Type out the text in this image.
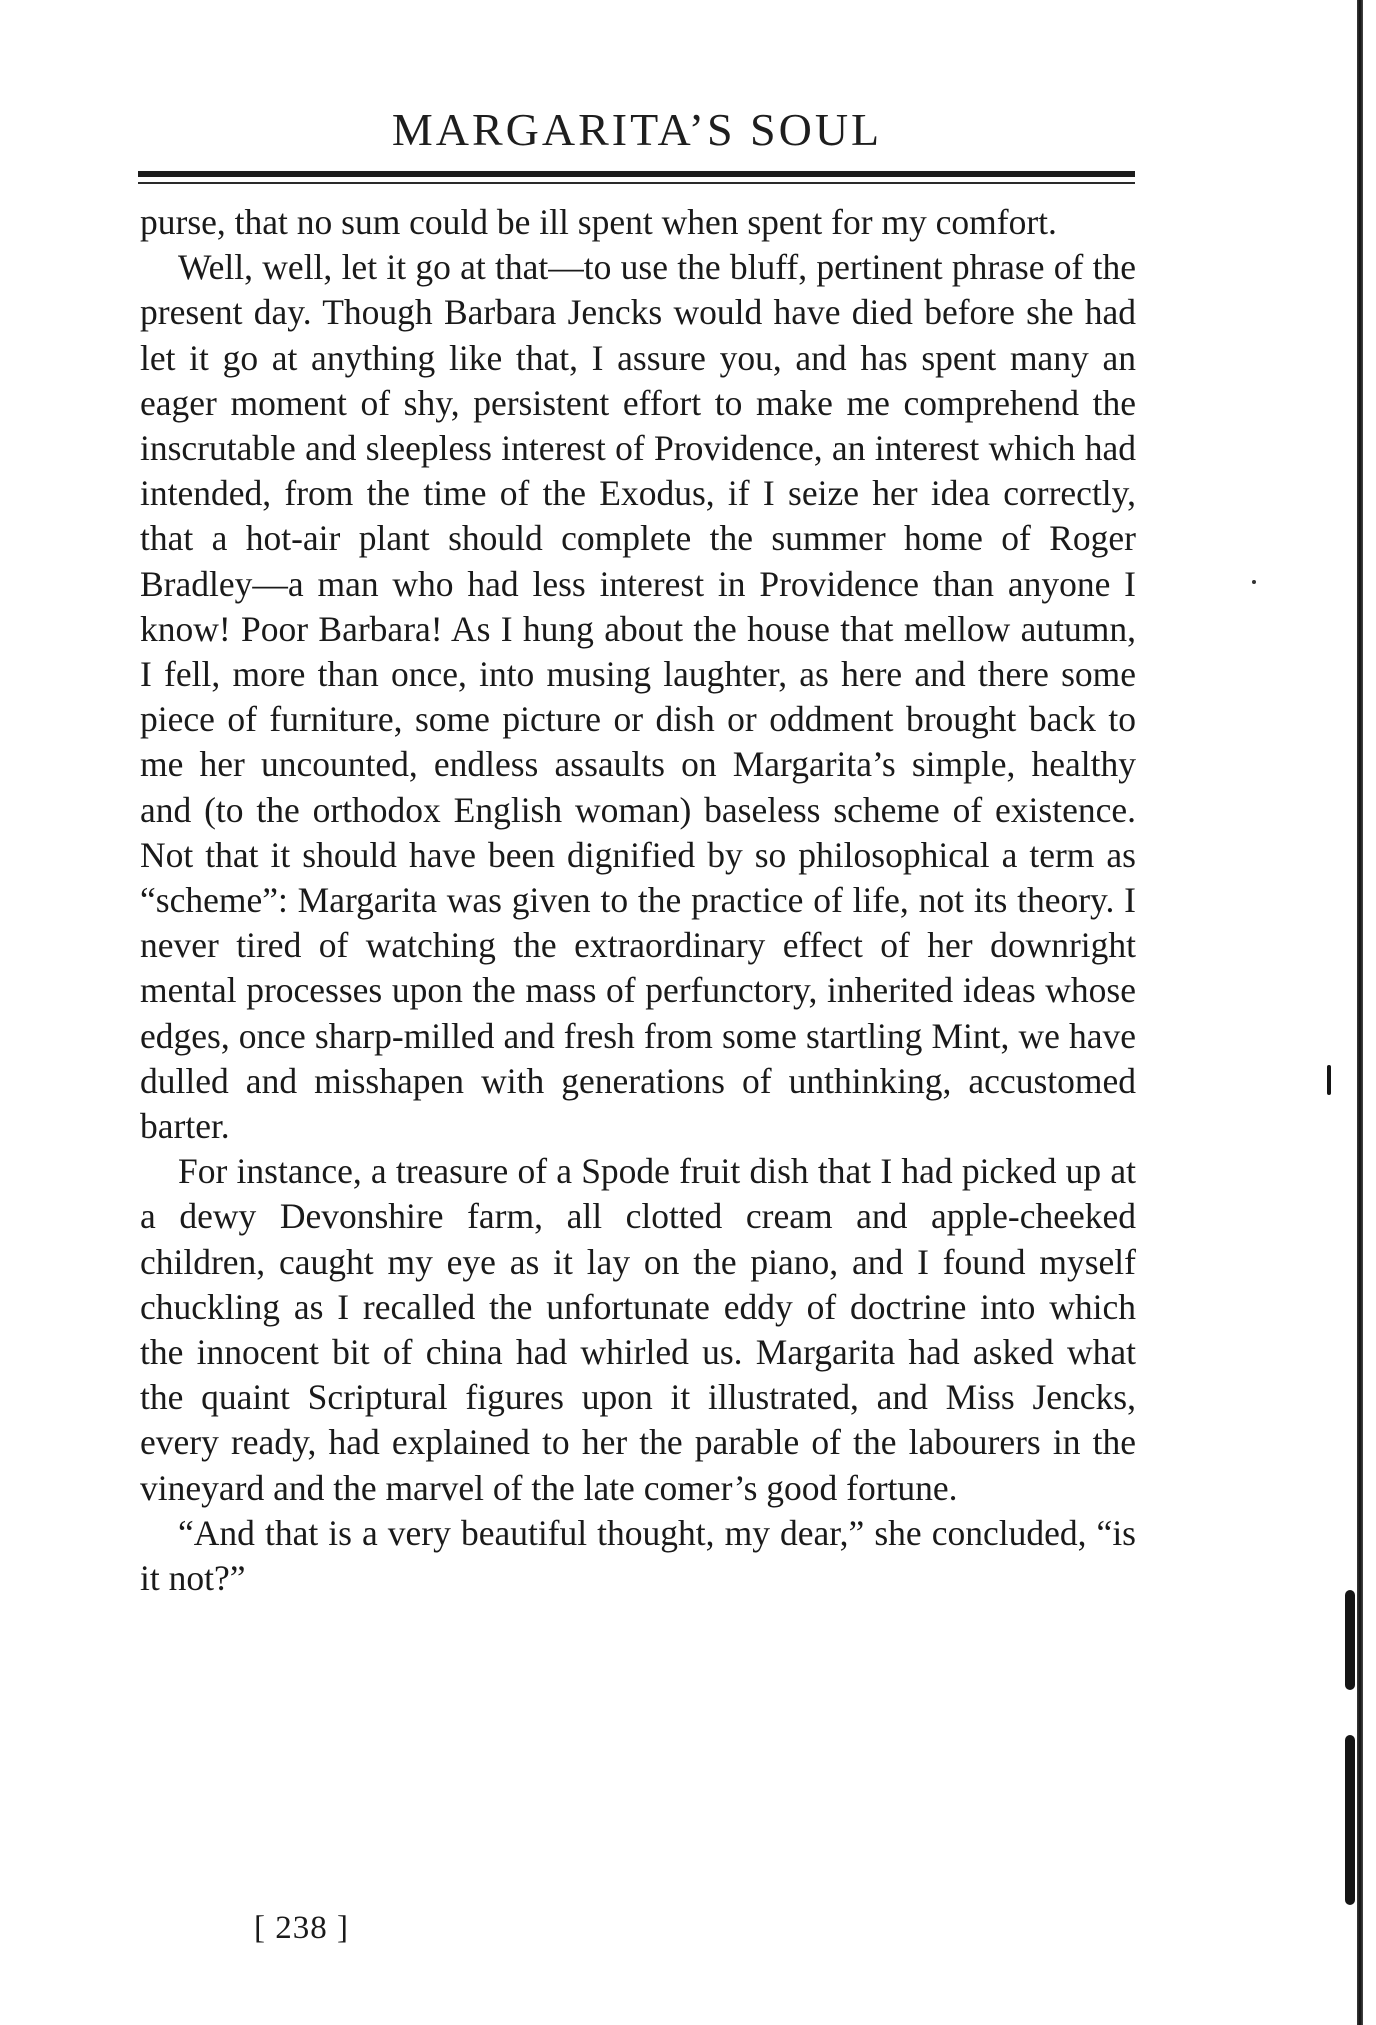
MARGARITA’S SOUL

purse, that no sum could be ill spent when spent for my comfort.

Well, well, let it go at that—to use the bluff, pertinent phrase of the present day. Though Barbara Jencks would have died before she had let it go at anything like that, I assure you, and has spent many an eager moment of shy, persistent effort to make me comprehend the inscrutable and sleepless interest of Providence, an interest which had intended, from the time of the Exodus, if I seize her idea correctly, that a hot-air plant should complete the summer home of Roger Bradley—a man who had less interest in Providence than anyone I know! Poor Barbara! As I hung about the house that mellow autumn, I fell, more than once, into musing laughter, as here and there some piece of furniture, some picture or dish or oddment brought back to me her uncounted, endless assaults on Margarita’s simple, healthy and (to the orthodox English woman) baseless scheme of existence. Not that it should have been dignified by so philosophical a term as “scheme”: Margarita was given to the practice of life, not its theory. I never tired of watching the extraordinary effect of her downright mental processes upon the mass of perfunctory, inherited ideas whose edges, once sharp-milled and fresh from some startling Mint, we have dulled and misshapen with generations of unthinking, accustomed barter.

For instance, a treasure of a Spode fruit dish that I had picked up at a dewy Devonshire farm, all clotted cream and apple-cheeked children, caught my eye as it lay on the piano, and I found myself chuckling as I recalled the unfortunate eddy of doctrine into which the innocent bit of china had whirled us. Margarita had asked what the quaint Scriptural figures upon it illustrated, and Miss Jencks, every ready, had explained to her the parable of the labourers in the vineyard and the marvel of the late comer’s good fortune.

“And that is a very beautiful thought, my dear,” she concluded, “is it not?”

[ 238 ]
